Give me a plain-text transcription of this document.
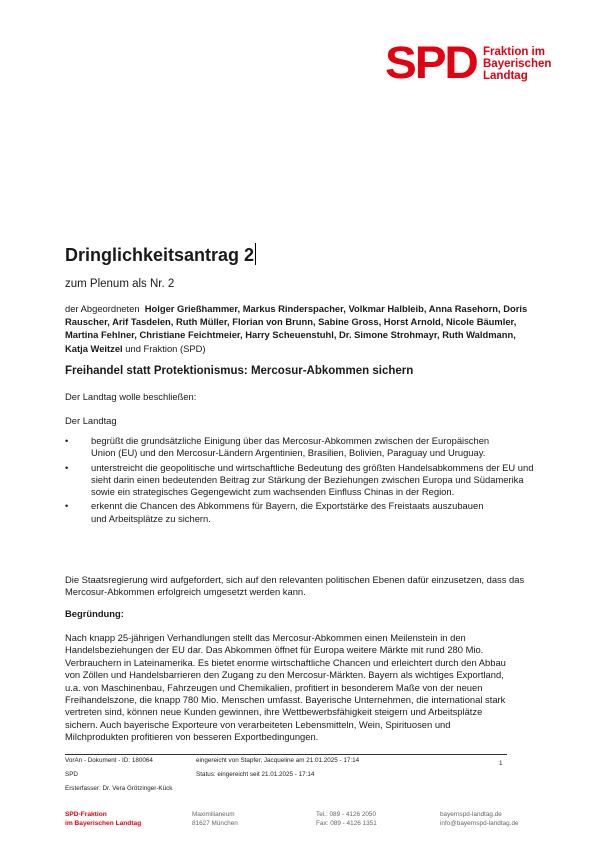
SPD Fraktion im
Bayerischen
Landtag
Dringlichkeitsantrag 2
zum Plenum als Nr. 2
der Abgeordneten Holger Grießhammer, Markus Rinderspacher, Volkmar Halbleib, Anna Rasehorn, Doris Rauscher, Arif Tasdelen, Ruth Müller, Florian von Brunn, Sabine Gross, Horst Arnold, Nicole Bäumler, Martina Fehlner, Christiane Feichtmeier, Harry Scheuenstuhl, Dr. Simone Strohmayr, Ruth Waldmann, Katja Weitzel und Fraktion (SPD)
Freihandel statt Protektionismus: Mercosur-Abkommen sichern
Der Landtag wolle beschließen:
Der Landtag
• begrüßt die grundsätzliche Einigung über das Mercosur-Abkommen zwischen der Europäischen Union (EU) und den Mercosur-Ländern Argentinien, Brasilien, Bolivien, Paraguay und Uruguay.
• unterstreicht die geopolitische und wirtschaftliche Bedeutung des größten Handelsabkommens der EU und sieht darin einen bedeutenden Beitrag zur Stärkung der Beziehungen zwischen Europa und Südamerika sowie ein strategisches Gegengewicht zum wachsenden Einfluss Chinas in der Region.
• erkennt die Chancen des Abkommens für Bayern, die Exportstärke des Freistaats auszubauen und Arbeitsplätze zu sichern.
Die Staatsregierung wird aufgefordert, sich auf den relevanten politischen Ebenen dafür einzusetzen, dass das Mercosur-Abkommen erfolgreich umgesetzt werden kann.
Begründung:
Nach knapp 25-jährigen Verhandlungen stellt das Mercosur-Abkommen einen Meilenstein in den Handelsbeziehungen der EU dar. Das Abkommen öffnet für Europa weitere Märkte mit rund 280 Mio. Verbrauchern in Lateinamerika. Es bietet enorme wirtschaftliche Chancen und erleichtert durch den Abbau von Zöllen und Handelsbarrieren den Zugang zu den Mercosur-Märkten. Bayern als wichtiges Exportland, u.a. von Maschinenbau, Fahrzeugen und Chemikalien, profitiert in besonderem Maße von der neuen Freihandelszone, die knapp 780 Mio. Menschen umfasst. Bayerische Unternehmen, die international stark vertreten sind, können neue Kunden gewinnen, ihre Wettbewerbsfähigkeit steigern und Arbeitsplätze sichern. Auch bayerische Exporteure von verarbeiteten Lebensmitteln, Wein, Spirituosen und Milchprodukten profitieren von besseren Exportbedingungen.
VorAn - Dokument - ID: 180064	eingereicht von Stapfer, Jacqueline am 21.01.2025 - 17:14	1
SPD	Status: eingereicht seit 21.01.2025 - 17:14
Ersterfasser: Dr. Vera Grötzinger-Kück
SPD-Fraktion
im Bayerischen Landtag
Maximilianeum
81627 München
Tel.: 089 - 4126 2050
Fax: 089 - 4126 1351
bayernspd-landtag.de
info@bayernspd-landtag.de
